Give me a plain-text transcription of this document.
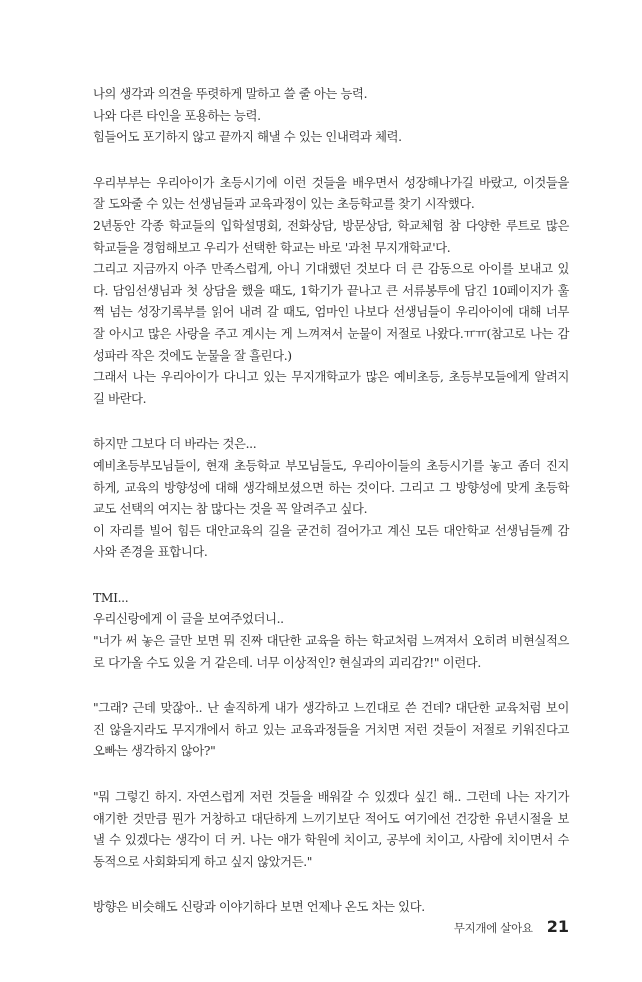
나의 생각과 의견을 뚜렷하게 말하고 쓸 줄 아는 능력.
나와 다른 타인을 포용하는 능력.
힘들어도 포기하지 않고 끝까지 해낼 수 있는 인내력과 체력.
우리부부는 우리아이가 초등시기에 이런 것들을 배우면서 성장해나가길 바랐고, 이것들을
잘 도와줄 수 있는 선생님들과 교육과정이 있는 초등학교를 찾기 시작했다.
2년동안 각종 학교들의 입학설명회, 전화상담, 방문상담, 학교체험 참 다양한 루트로 많은
학교들을 경험해보고 우리가 선택한 학교는 바로 '과천 무지개학교'다.
그리고 지금까지 아주 만족스럽게, 아니 기대했던 것보다 더 큰 감동으로 아이를 보내고 있
다. 담임선생님과 첫 상담을 했을 때도, 1학기가 끝나고 큰 서류봉투에 담긴 10페이지가 훌
쩍 넘는 성장기록부를 읽어 내려 갈 때도, 엄마인 나보다 선생님들이 우리아이에 대해 너무
잘 아시고 많은 사랑을 주고 계시는 게 느껴져서 눈물이 저절로 나왔다.ㅠㅠ(참고로 나는 감
성파라 작은 것에도 눈물을 잘 흘린다.)
그래서 나는 우리아이가 다니고 있는 무지개학교가 많은 예비초등, 초등부모들에게 알려지
길 바란다.
하지만 그보다 더 바라는 것은...
예비초등부모님들이, 현재 초등학교 부모님들도, 우리아이들의 초등시기를 놓고 좀더 진지
하게, 교육의 방향성에 대해 생각해보셨으면 하는 것이다. 그리고 그 방향성에 맞게 초등학
교도 선택의 여지는 참 많다는 것을 꼭 알려주고 싶다.
이 자리를 빌어 힘든 대안교육의 길을 굳건히 걸어가고 계신 모든 대안학교 선생님들께 감
사와 존경을 표합니다.
TMI...
우리신랑에게 이 글을 보여주었더니..
"너가 써 놓은 글만 보면 뭐 진짜 대단한 교육을 하는 학교처럼 느껴져서 오히려 비현실적으
로 다가올 수도 있을 거 같은데. 너무 이상적인? 현실과의 괴리감?!" 이런다.
"그래? 근데 맞잖아.. 난 솔직하게 내가 생각하고 느낀대로 쓴 건데? 대단한 교육처럼 보이
진 않을지라도 무지개에서 하고 있는 교육과정들을 거치면 저런 것들이 저절로 키워진다고
오빠는 생각하지 않아?"
"뭐 그렇긴 하지. 자연스럽게 저런 것들을 배워갈 수 있겠다 싶긴 해.. 그런데 나는 자기가
얘기한 것만큼 뭔가 거창하고 대단하게 느끼기보단 적어도 여기에선 건강한 유년시절을 보
낼 수 있겠다는 생각이 더 커. 나는 애가 학원에 치이고, 공부에 치이고, 사람에 치이면서 수
동적으로 사회화되게 하고 싶지 않았거든."
방향은 비슷해도 신랑과 이야기하다 보면 언제나 온도 차는 있다.
무지개에 살아요 21
